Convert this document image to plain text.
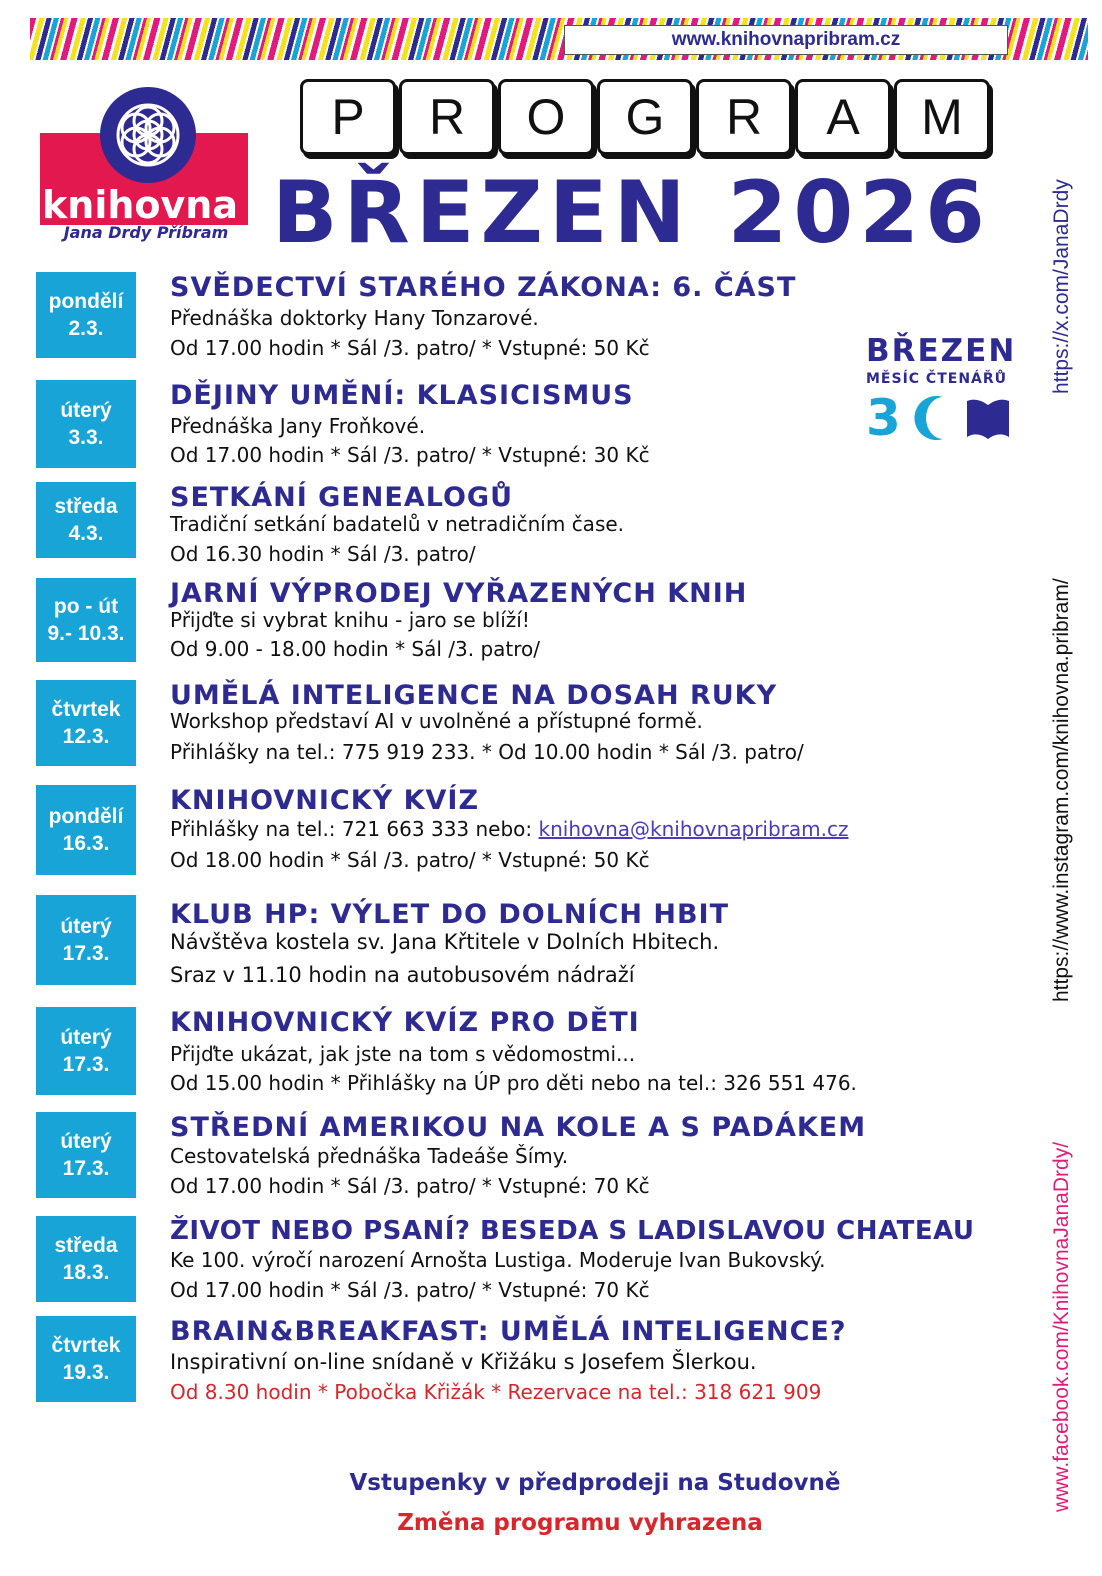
www.knihovnapribram.cz
knihovna
Jana Drdy Příbram
P	R	O	G	R	A	M
BŘEZEN 2026
BŘEZEN
MĚSÍC ČTENÁŘŮ
3
pondělí
2.3.
SVĚDECTVÍ STARÉHO ZÁKONA: 6. ČÁST
Přednáška doktorky Hany Tonzarové.
Od 17.00 hodin * Sál /3. patro/ * Vstupné: 50 Kč
úterý
3.3.
DĚJINY UMĚNÍ: KLASICISMUS
Přednáška Jany Froňkové.
Od 17.00 hodin * Sál /3. patro/ * Vstupné: 30 Kč
středa
4.3.
SETKÁNÍ GENEALOGŮ
Tradiční setkání badatelů v netradičním čase.
Od 16.30 hodin * Sál /3. patro/
po - út
9.- 10.3.
JARNÍ VÝPRODEJ VYŘAZENÝCH KNIH
Přijďte si vybrat knihu - jaro se blíží!
Od 9.00 - 18.00 hodin * Sál /3. patro/
čtvrtek
12.3.
UMĚLÁ INTELIGENCE NA DOSAH RUKY
Workshop představí AI v uvolněné a přístupné formě.
Přihlášky na tel.: 775 919 233. * Od 10.00 hodin * Sál /3. patro/
pondělí
16.3.
KNIHOVNICKÝ KVÍZ
Přihlášky na tel.: 721 663 333 nebo: knihovna@knihovnapribram.cz
Od 18.00 hodin * Sál /3. patro/ * Vstupné: 50 Kč
úterý
17.3.
KLUB HP: VÝLET DO DOLNÍCH HBIT
Návštěva kostela sv. Jana Křtitele v Dolních Hbitech.
Sraz v 11.10 hodin na autobusovém nádraží
úterý
17.3.
KNIHOVNICKÝ KVÍZ PRO DĚTI
Přijďte ukázat, jak jste na tom s vědomostmi...
Od 15.00 hodin * Přihlášky na ÚP pro děti nebo na tel.: 326 551 476.
úterý
17.3.
STŘEDNÍ AMERIKOU NA KOLE A S PADÁKEM
Cestovatelská přednáška Tadeáše Šímy.
Od 17.00 hodin * Sál /3. patro/ * Vstupné: 70 Kč
středa
18.3.
ŽIVOT NEBO PSANÍ? BESEDA S LADISLAVOU CHATEAU
Ke 100. výročí narození Arnošta Lustiga. Moderuje Ivan Bukovský.
Od 17.00 hodin * Sál /3. patro/ * Vstupné: 70 Kč
čtvrtek
19.3.
BRAIN&BREAKFAST: UMĚLÁ INTELIGENCE?
Inspirativní on-line snídaně v Křižáku s Josefem Šlerkou.
Od 8.30 hodin * Pobočka Křižák * Rezervace na tel.: 318 621 909
https://x.com/JanaDrdy
https://www.instagram.com/knihovna.pribram/
www.facebook.com/KnihovnaJanaDrdy/
Vstupenky v předprodeji na Studovně
Změna programu vyhrazena
